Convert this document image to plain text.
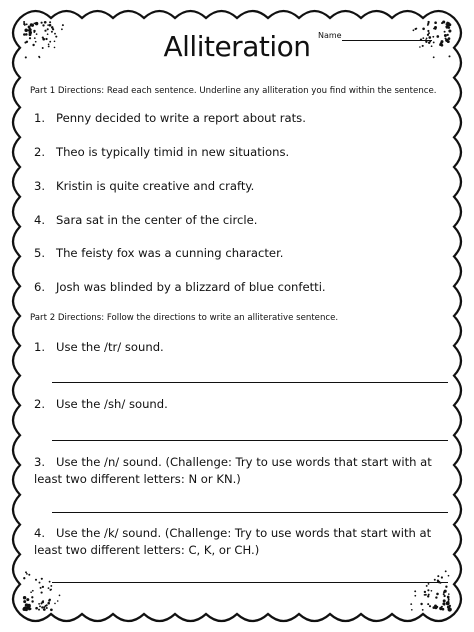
Name
Alliteration
Part 1 Directions: Read each sentence. Underline any alliteration you find within the sentence.
1. Penny decided to write a report about rats.
2. Theo is typically timid in new situations.
3. Kristin is quite creative and crafty.
4. Sara sat in the center of the circle.
5. The feisty fox was a cunning character.
6. Josh was blinded by a blizzard of blue confetti.
Part 2 Directions: Follow the directions to write an alliterative sentence.
1. Use the /tr/ sound.
2. Use the /sh/ sound.
3. Use the /n/ sound. (Challenge: Try to use words that start with at least two different letters: N or KN.)
4. Use the /k/ sound. (Challenge: Try to use words that start with at least two different letters: C, K, or CH.)
